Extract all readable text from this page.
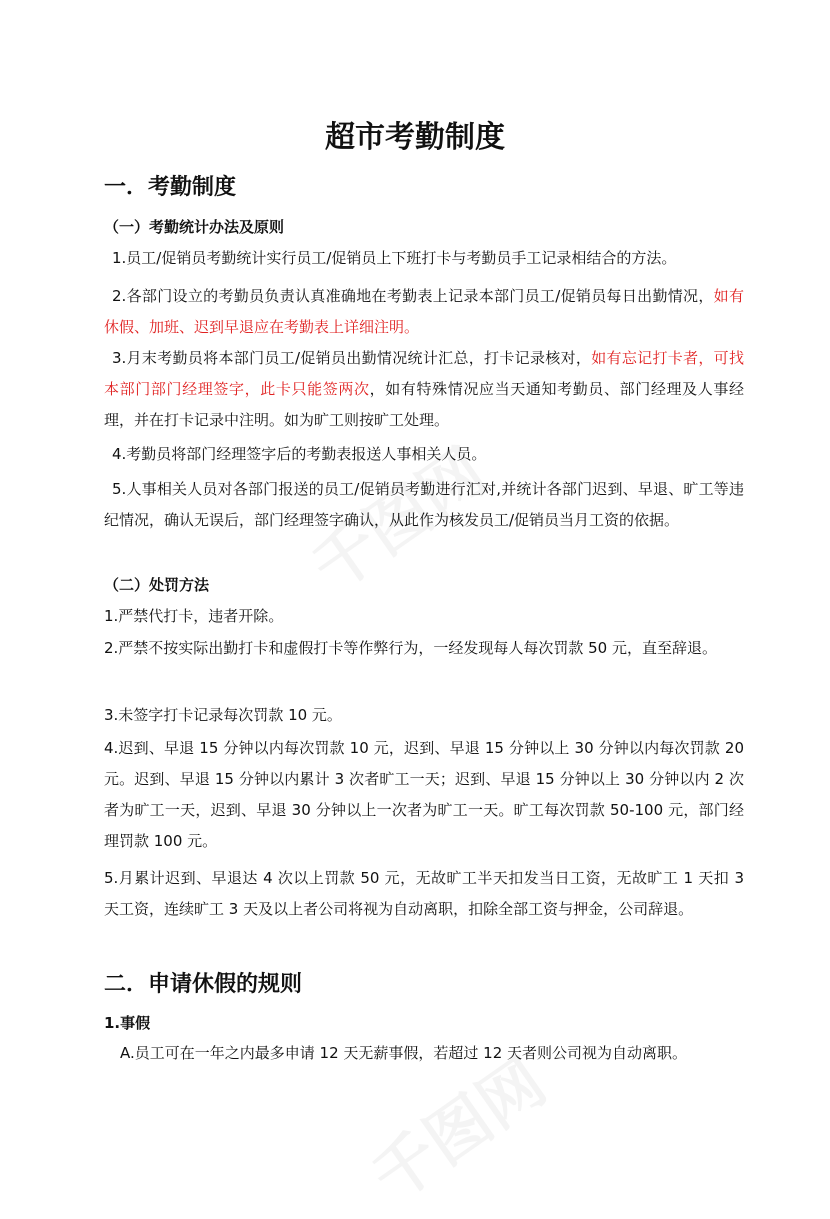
超市考勤制度
一．考勤制度
（一）考勤统计办法及原则

1.员工/促销员考勤统计实行员工/促销员上下班打卡与考勤员手工记录相结合的方法。

2.各部门设立的考勤员负责认真准确地在考勤表上记录本部门员工/促销员每日出勤情况，如有休假、加班、迟到早退应在考勤表上详细注明。

3.月末考勤员将本部门员工/促销员出勤情况统计汇总，打卡记录核对，如有忘记打卡者，可找本部门部门经理签字，此卡只能签两次，如有特殊情况应当天通知考勤员、部门经理及人事经理，并在打卡记录中注明。如为旷工则按旷工处理。

4.考勤员将部门经理签字后的考勤表报送人事相关人员。

5.人事相关人员对各部门报送的员工/促销员考勤进行汇对,并统计各部门迟到、早退、旷工等违纪情况，确认无误后，部门经理签字确认，从此作为核发员工/促销员当月工资的依据。

（二）处罚方法

1.严禁代打卡，违者开除。

2.严禁不按实际出勤打卡和虚假打卡等作弊行为，一经发现每人每次罚款 50 元，直至辞退。

3.未签字打卡记录每次罚款 10 元。

4.迟到、早退 15 分钟以内每次罚款 10 元，迟到、早退 15 分钟以上 30 分钟以内每次罚款 20 元。迟到、早退 15 分钟以内累计 3 次者旷工一天；迟到、早退 15 分钟以上 30 分钟以内 2 次者为旷工一天，迟到、早退 30 分钟以上一次者为旷工一天。旷工每次罚款 50-100 元，部门经理罚款 100 元。

5.月累计迟到、早退达 4 次以上罚款 50 元，无故旷工半天扣发当日工资，无故旷工 1 天扣 3 天工资，连续旷工 3 天及以上者公司将视为自动离职，扣除全部工资与押金，公司辞退。

二．申请休假的规则
1.事假

A.员工可在一年之内最多申请 12 天无薪事假，若超过 12 天者则公司视为自动离职。
